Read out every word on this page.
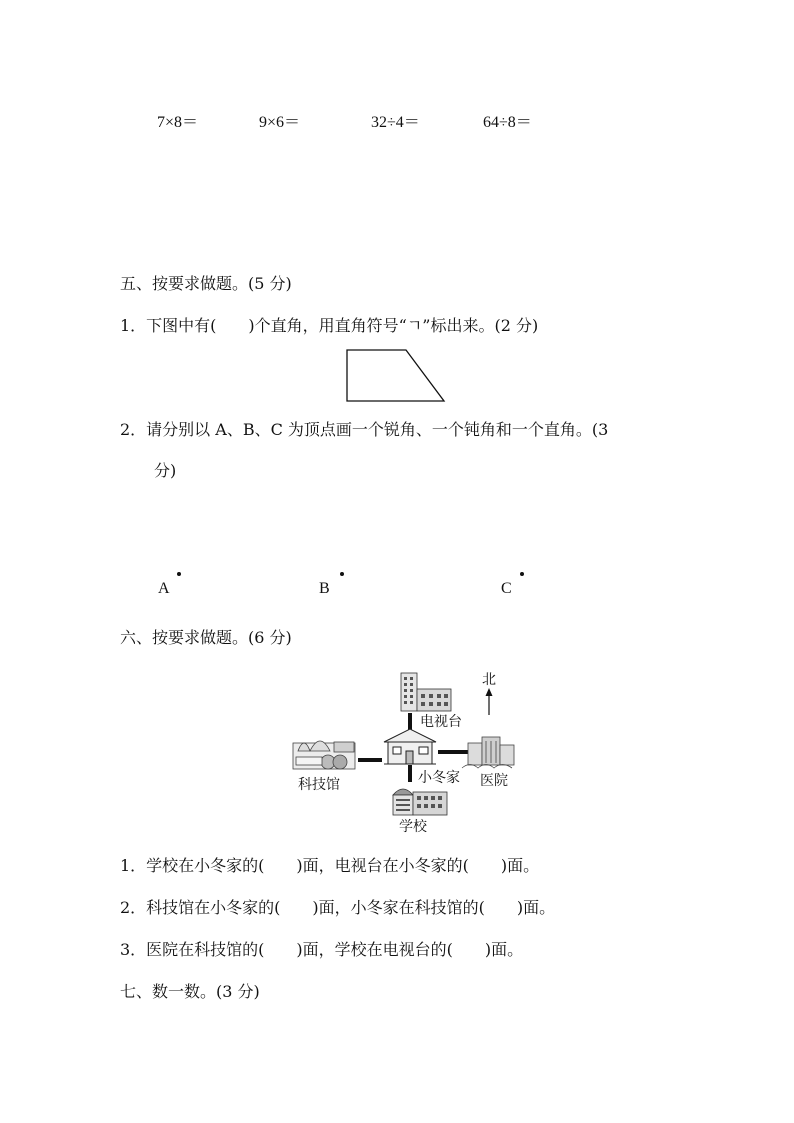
7×8＝	9×6＝	32÷4＝	64÷8＝
五、按要求做题。(5 分)
1．下图中有(　　)个直角，用直角符号“ㄱ”标出来。(2 分)
2．请分别以 A、B、C 为顶点画一个锐角、一个钝角和一个直角。(3
分)
A	B	C
六、按要求做题。(6 分)
北
电视台
科技馆	小冬家 医院
学校
1．学校在小冬家的(　　)面，电视台在小冬家的(　　)面。
2．科技馆在小冬家的(　　)面，小冬家在科技馆的(　　)面。
3．医院在科技馆的(　　)面，学校在电视台的(　　)面。
七、数一数。(3 分)
